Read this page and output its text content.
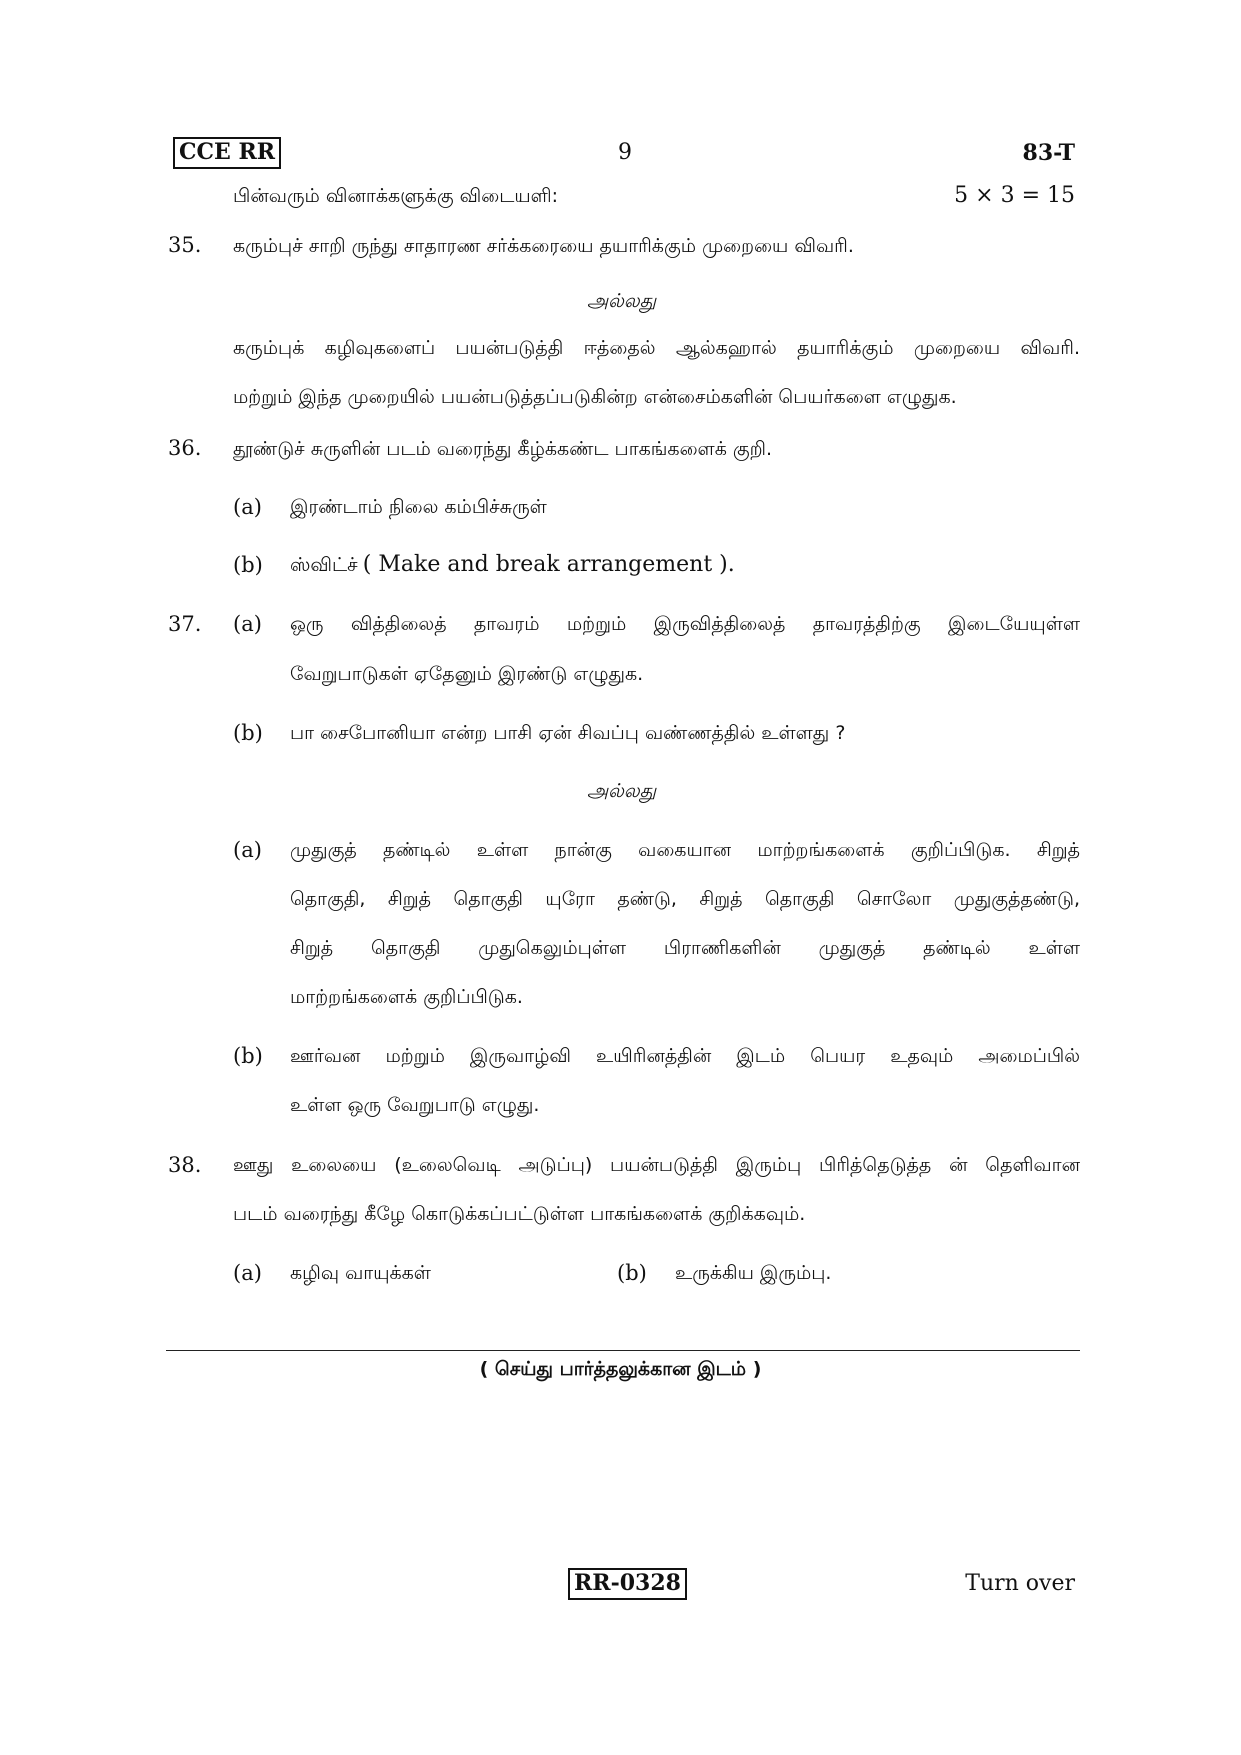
CCE RR	9	83-T
பின்வரும் வினாக்களுக்கு விடையளி:	5 × 3 = 15
35. கரும்புச் சாறி ருந்து சாதாரண சர்க்கரையை தயாரிக்கும் முறையை விவரி.
அல்லது
கரும்புக் கழிவுகளைப் பயன்படுத்தி ஈத்தைல் ஆல்கஹால் தயாரிக்கும் முறையை விவரி.
மற்றும் இந்த முறையில் பயன்படுத்தப்படுகின்ற என்சைம்களின் பெயர்களை எழுதுக.
36. தூண்டுச் சுருளின் படம் வரைந்து கீழ்க்கண்ட பாகங்களைக் குறி.
(a) இரண்டாம் நிலை கம்பிச்சுருள்
(b) ஸ்விட்ச் ( Make and break arrangement ).
37. (a) ஒரு வித்திலைத் தாவரம் மற்றும் இருவித்திலைத் தாவரத்திற்கு இடையேயுள்ள
வேறுபாடுகள் ஏதேனும் இரண்டு எழுதுக.
(b) பா சைபோனியா என்ற பாசி ஏன் சிவப்பு வண்ணத்தில் உள்ளது ?
அல்லது
(a) முதுகுத் தண்டில் உள்ள நான்கு வகையான மாற்றங்களைக் குறிப்பிடுக. சிறுத்
தொகுதி, சிறுத் தொகுதி யுரோ தண்டு, சிறுத் தொகுதி சொலோ முதுகுத்தண்டு,
சிறுத் தொகுதி முதுகெலும்புள்ள பிராணிகளின் முதுகுத் தண்டில் உள்ள
மாற்றங்களைக் குறிப்பிடுக.
(b) ஊர்வன மற்றும் இருவாழ்வி உயிரினத்தின் இடம் பெயர உதவும் அமைப்பில்
உள்ள ஒரு வேறுபாடு எழுது.
38. ஊது உலையை (உலைவெடி அடுப்பு) பயன்படுத்தி இரும்பு பிரித்தெடுத்த ன் தெளிவான
படம் வரைந்து கீழே கொடுக்கப்பட்டுள்ள பாகங்களைக் குறிக்கவும்.
(a) கழிவு வாயுக்கள்	(b) உருக்கிய இரும்பு.
( செய்து பார்த்தலுக்கான இடம் )
RR-0328	Turn over
